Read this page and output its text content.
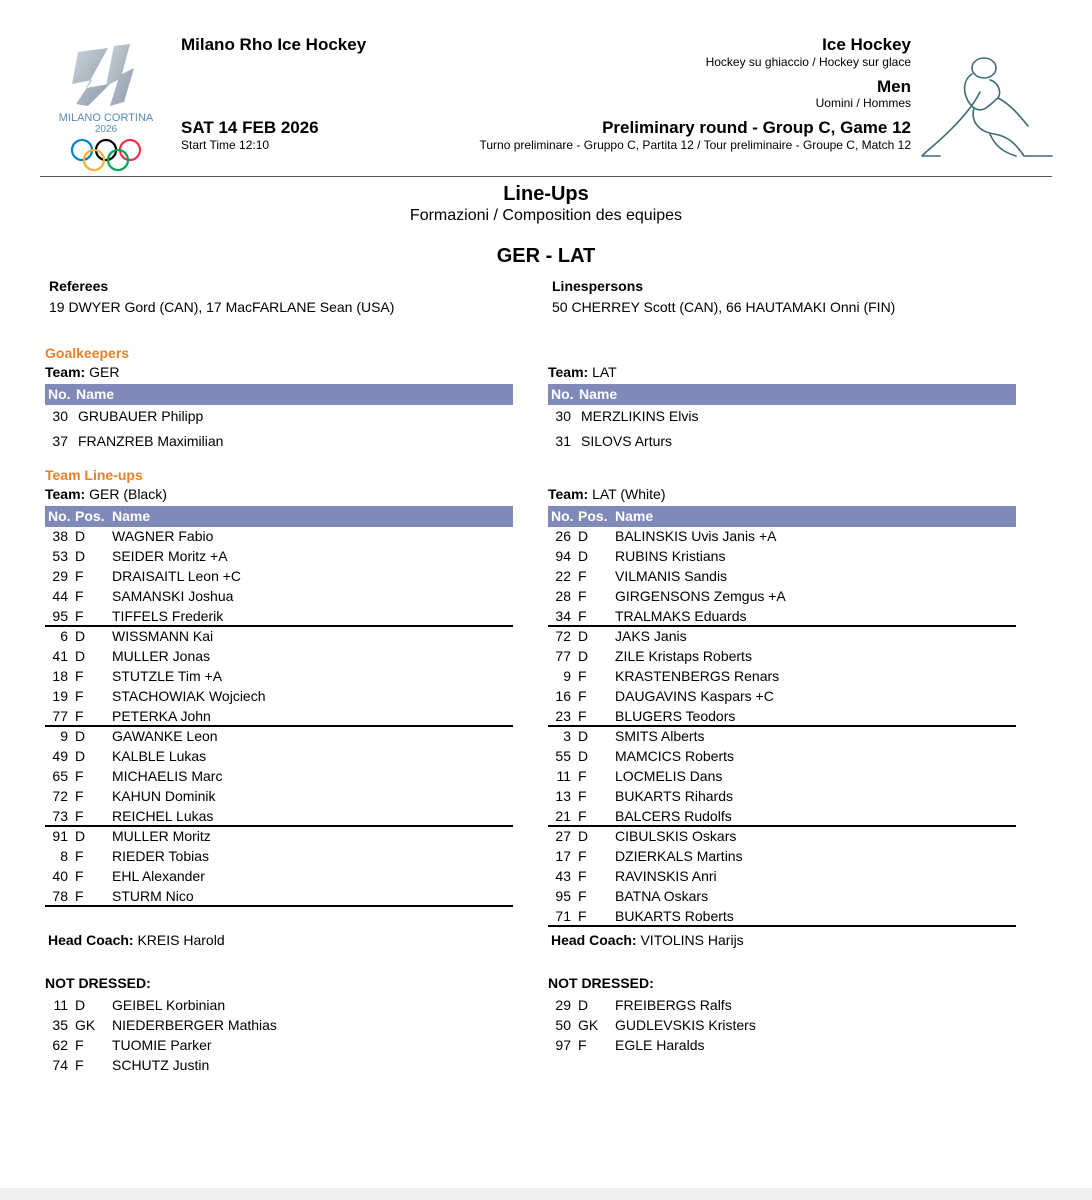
MILANO CORTINA
2026
Milano Rho Ice Hockey
SAT 14 FEB 2026
Start Time 12:10
Ice Hockey
Hockey su ghiaccio / Hockey sur glace
Men
Uomini / Hommes
Preliminary round - Group C, Game 12
Turno preliminare - Gruppo C, Partita 12 / Tour preliminaire - Groupe C, Match 12
Line-Ups
Formazioni / Composition des equipes
GER - LAT
Referees
19 DWYER Gord (CAN), 17 MacFARLANE Sean (USA)
Linespersons
50 CHERREY Scott (CAN), 66 HAUTAMAKI Onni (FIN)
Goalkeepers
Team: GER	Team: LAT
No. Name	No. Name
30 GRUBAUER Philipp
37 FRANZREB Maximilian
30 MERZLIKINS Elvis
31 SILOVS Arturs
Team Line-ups
Team: GER (Black)	Team: LAT (White)
No. Pos. Name	No. Pos. Name
38 D WAGNER Fabio
53 D SEIDER Moritz +A
29 F DRAISAITL Leon +C
44 F SAMANSKI Joshua
95 F TIFFELS Frederik
6 D WISSMANN Kai
41 D MULLER Jonas
18 F STUTZLE Tim +A
19 F STACHOWIAK Wojciech
77 F PETERKA John
9 D GAWANKE Leon
49 D KALBLE Lukas
65 F MICHAELIS Marc
72 F KAHUN Dominik
73 F REICHEL Lukas
91 D MULLER Moritz
8 F RIEDER Tobias
40 F EHL Alexander
78 F STURM Nico
26 D BALINSKIS Uvis Janis +A
94 D RUBINS Kristians
22 F VILMANIS Sandis
28 F GIRGENSONS Zemgus +A
34 F TRALMAKS Eduards
72 D JAKS Janis
77 D ZILE Kristaps Roberts
9 F KRASTENBERGS Renars
16 F DAUGAVINS Kaspars +C
23 F BLUGERS Teodors
3 D SMITS Alberts
55 D MAMCICS Roberts
11 F LOCMELIS Dans
13 F BUKARTS Rihards
21 F BALCERS Rudolfs
27 D CIBULSKIS Oskars
17 F DZIERKALS Martins
43 F RAVINSKIS Anri
95 F BATNA Oskars
71 F BUKARTS Roberts
Head Coach: KREIS Harold	Head Coach: VITOLINS Harijs
NOT DRESSED:	NOT DRESSED:
11 D GEIBEL Korbinian
35 GK NIEDERBERGER Mathias
62 F TUOMIE Parker
74 F SCHUTZ Justin
29 D FREIBERGS Ralfs
50 GK GUDLEVSKIS Kristers
97 F EGLE Haralds
